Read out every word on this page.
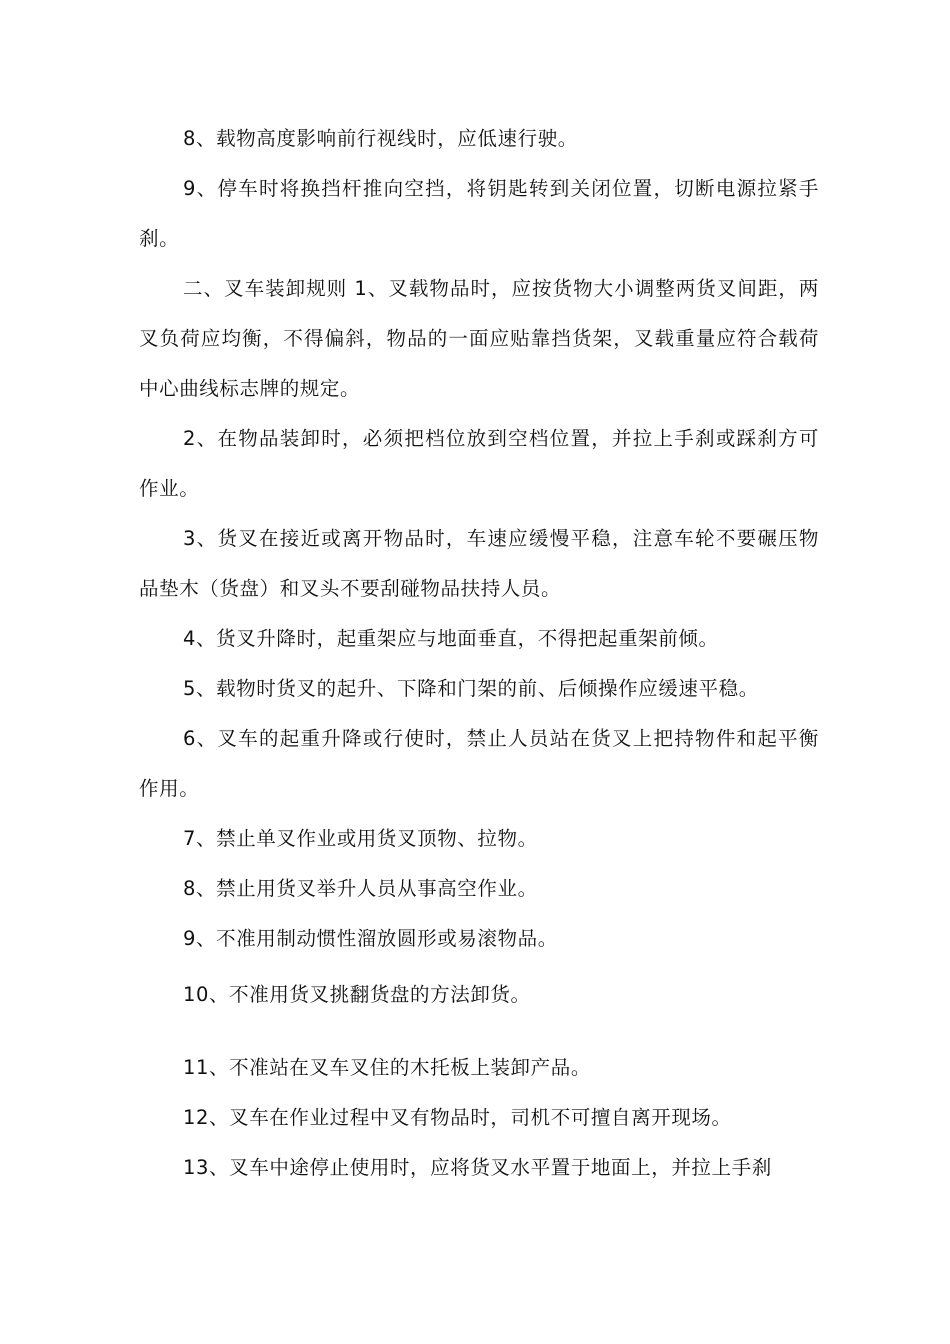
8、载物高度影响前行视线时，应低速行驶。

9、停车时将换挡杆推向空挡，将钥匙转到关闭位置，切断电源拉紧手刹。

二、叉车装卸规则 1、叉载物品时，应按货物大小调整两货叉间距，两叉负荷应均衡，不得偏斜，物品的一面应贴靠挡货架，叉载重量应符合载荷中心曲线标志牌的规定。

2、在物品装卸时，必须把档位放到空档位置，并拉上手刹或踩刹方可作业。

3、货叉在接近或离开物品时，车速应缓慢平稳，注意车轮不要碾压物品垫木（货盘）和叉头不要刮碰物品扶持人员。

4、货叉升降时，起重架应与地面垂直，不得把起重架前倾。

5、载物时货叉的起升、下降和门架的前、后倾操作应缓速平稳。

6、叉车的起重升降或行使时，禁止人员站在货叉上把持物件和起平衡作用。

7、禁止单叉作业或用货叉顶物、拉物。

8、禁止用货叉举升人员从事高空作业。

9、不准用制动惯性溜放圆形或易滚物品。

10、不准用货叉挑翻货盘的方法卸货。

11、不准站在叉车叉住的木托板上装卸产品。

12、叉车在作业过程中叉有物品时，司机不可擅自离开现场。

13、叉车中途停止使用时，应将货叉水平置于地面上，并拉上手刹
